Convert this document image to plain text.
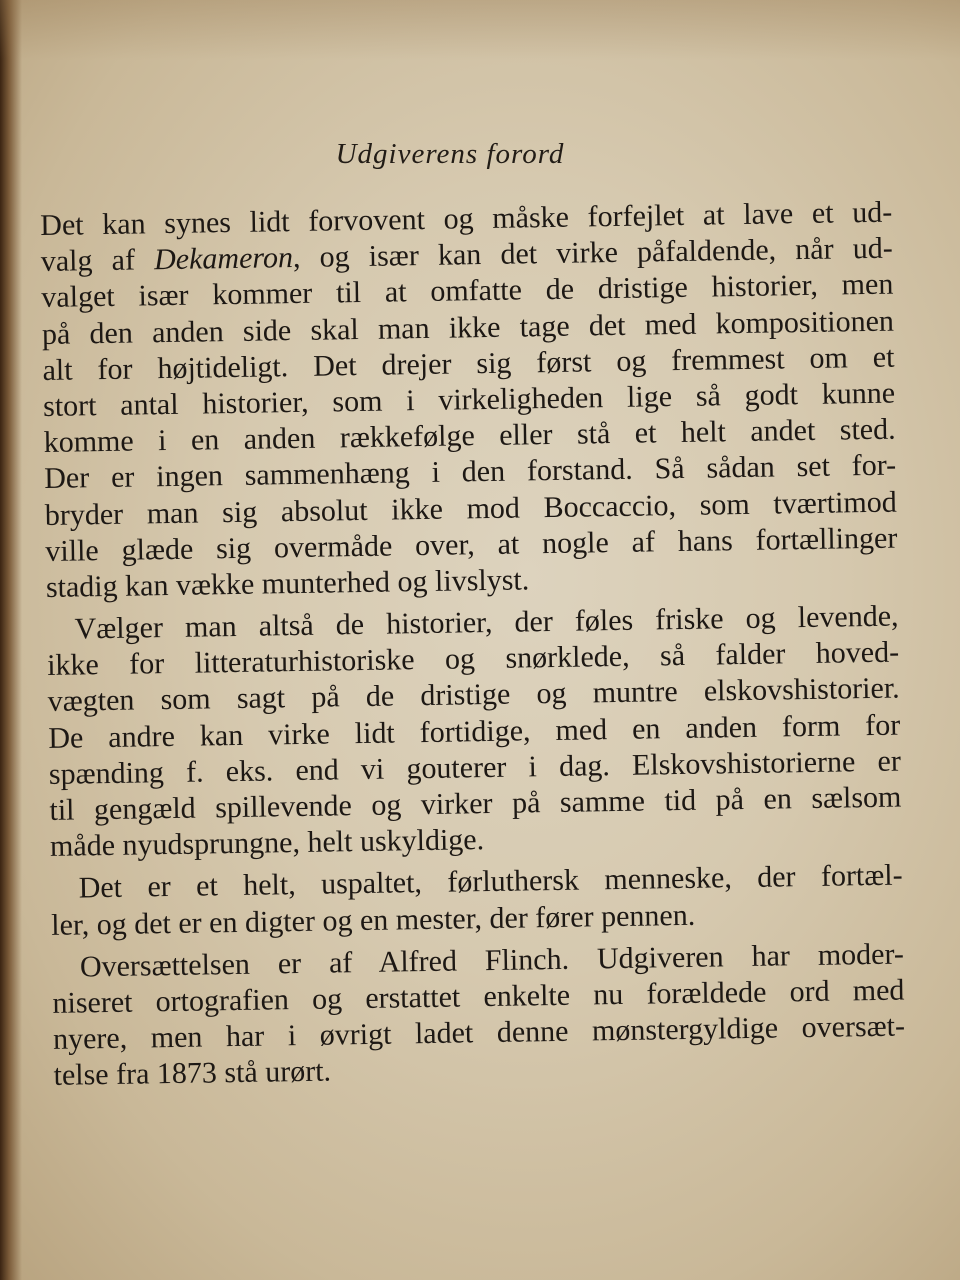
Udgiverens forord
Det kan synes lidt forvovent og måske forfejlet at lave et ud-
valg af Dekameron, og især kan det virke påfaldende, når ud-
valget især kommer til at omfatte de dristige historier, men
på den anden side skal man ikke tage det med kompositionen
alt for højtideligt. Det drejer sig først og fremmest om et
stort antal historier, som i virkeligheden lige så godt kunne
komme i en anden rækkefølge eller stå et helt andet sted.
Der er ingen sammenhæng i den forstand. Så sådan set for-
bryder man sig absolut ikke mod Boccaccio, som tværtimod
ville glæde sig overmåde over, at nogle af hans fortællinger
stadig kan vække munterhed og livslyst.
Vælger man altså de historier, der føles friske og levende,
ikke for litteraturhistoriske og snørklede, så falder hoved-
vægten som sagt på de dristige og muntre elskovshistorier.
De andre kan virke lidt fortidige, med en anden form for
spænding f. eks. end vi gouterer i dag. Elskovshistorierne er
til gengæld spillevende og virker på samme tid på en sælsom
måde nyudsprungne, helt uskyldige.
Det er et helt, uspaltet, førluthersk menneske, der fortæl-
ler, og det er en digter og en mester, der fører pennen.
Oversættelsen er af Alfred Flinch. Udgiveren har moder-
niseret ortografien og erstattet enkelte nu forældede ord med
nyere, men har i øvrigt ladet denne mønstergyldige oversæt-
telse fra 1873 stå urørt.
